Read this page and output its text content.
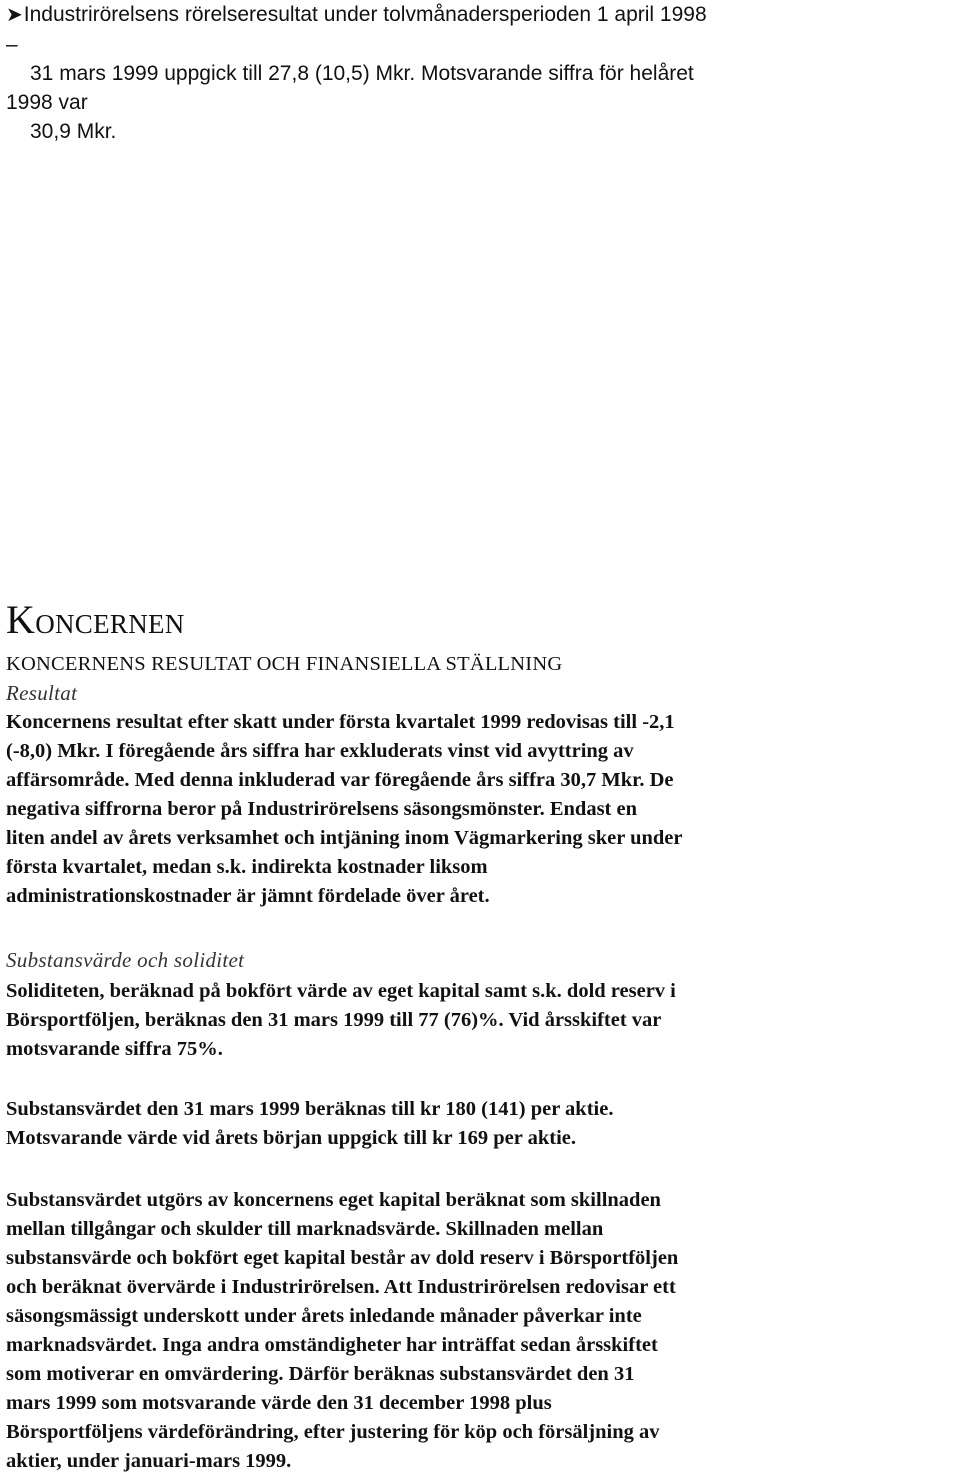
➤Industrirörelsens rörelseresultat under tolvmånadersperioden 1 april 1998
–
31 mars 1999 uppgick till 27,8 (10,5) Mkr. Motsvarande siffra för helåret
1998 var
30,9 Mkr.
KONCERNEN
KONCERNENS RESULTAT OCH FINANSIELLA STÄLLNING
Resultat
Koncernens resultat efter skatt under första kvartalet 1999 redovisas till -2,1
(-8,0) Mkr. I föregående års siffra har exkluderats vinst vid avyttring av
affärsområde. Med denna inkluderad var föregående års siffra 30,7 Mkr. De
negativa siffrorna beror på Industrirörelsens säsongsmönster. Endast en
liten andel av årets verksamhet och intjäning inom Vägmarkering sker under
första kvartalet, medan s.k. indirekta kostnader liksom
administrationskostnader är jämnt fördelade över året.
Substansvärde och soliditet
Soliditeten, beräknad på bokfört värde av eget kapital samt s.k. dold reserv i
Börsportföljen, beräknas den 31 mars 1999 till 77 (76)%. Vid årsskiftet var
motsvarande siffra 75%.
Substansvärdet den 31 mars 1999 beräknas till kr 180 (141) per aktie.
Motsvarande värde vid årets början uppgick till kr 169 per aktie.
Substansvärdet utgörs av koncernens eget kapital beräknat som skillnaden
mellan tillgångar och skulder till marknadsvärde. Skillnaden mellan
substansvärde och bokfört eget kapital består av dold reserv i Börsportföljen
och beräknat övervärde i Industrirörelsen. Att Industrirörelsen redovisar ett
säsongsmässigt underskott under årets inledande månader påverkar inte
marknadsvärdet. Inga andra omständigheter har inträffat sedan årsskiftet
som motiverar en omvärdering. Därför beräknas substansvärdet den 31
mars 1999 som motsvarande värde den 31 december 1998 plus
Börsportföljens värdeförändring, efter justering för köp och försäljning av
aktier, under januari-mars 1999.
